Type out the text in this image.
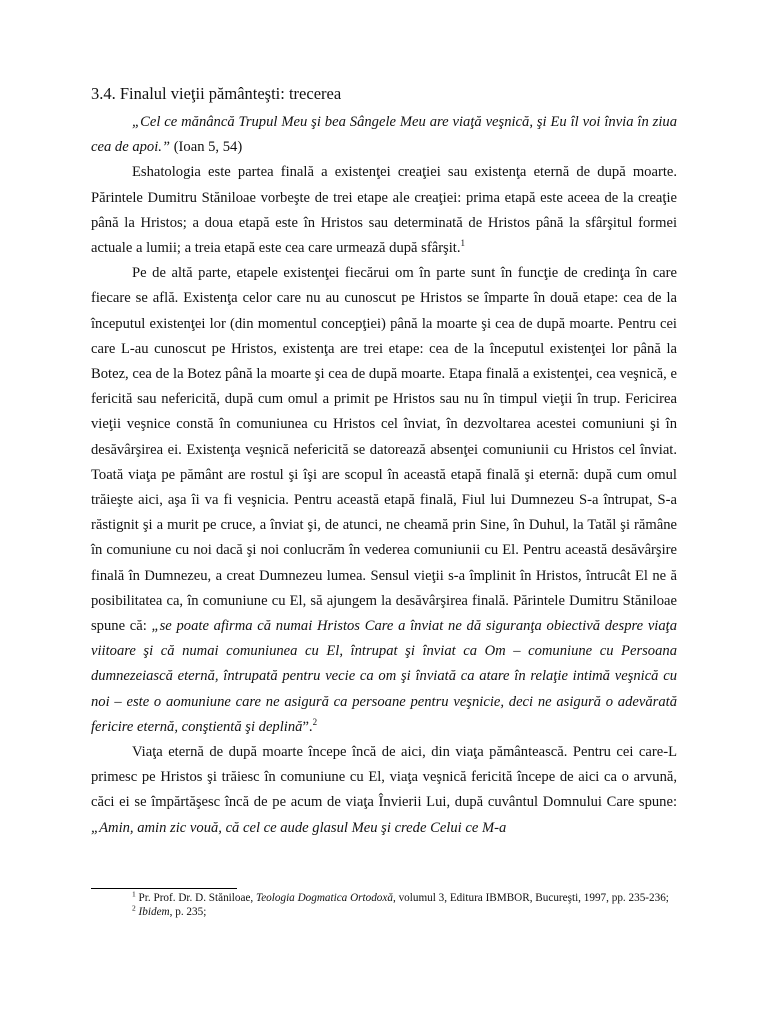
3.4. Finalul vieţii pământeşti: trecerea

„Cel ce mănâncă Trupul Meu şi bea Sângele Meu are viaţă veşnică, şi Eu îl voi învia în ziua cea de apoi.” (Ioan 5, 54)

Eshatologia este partea finală a existenţei creaţiei sau existenţa eternă de după moarte. Părintele Dumitru Stăniloae vorbeşte de trei etape ale creaţiei: prima etapă este aceea de la creaţie până la Hristos; a doua etapă este în Hristos sau determinată de Hristos până la sfârşitul formei actuale a lumii; a treia etapă este cea care urmează după sfârşit.$^1$

Pe de altă parte, etapele existenţei fiecărui om în parte sunt în funcţie de credinţa în care fiecare se află. Existenţa celor care nu au cunoscut pe Hristos se împarte în două etape: cea de la începutul existenţei lor (din momentul concepţiei) până la moarte şi cea de după moarte. Pentru cei care L-au cunoscut pe Hristos, existenţa are trei etape: cea de la începutul existenţei lor până la Botez, cea de la Botez până la moarte şi cea de după moarte. Etapa finală a existenţei, cea veşnică, e fericită sau nefericită, după cum omul a primit pe Hristos sau nu în timpul vieţii în trup. Fericirea vieţii veşnice constă în comuniunea cu Hristos cel înviat, în dezvoltarea acestei comuniuni şi în desăvârşirea ei. Existenţa veşnică nefericită se datorează absenţei comuniunii cu Hristos cel înviat. Toată viaţa pe pământ are rostul şi îşi are scopul în această etapă finală şi eternă: după cum omul trăieşte aici, aşa îi va fi veşnicia. Pentru această etapă finală, Fiul lui Dumnezeu S-a întrupat, S-a răstignit şi a murit pe cruce, a înviat şi, de atunci, ne cheamă prin Sine, în Duhul, la Tatăl şi rămâne în comuniune cu noi dacă şi noi conlucrăm în vederea comuniunii cu El. Pentru această desăvârşire finală în Dumnezeu, a creat Dumnezeu lumea. Sensul vieţii s-a împlinit în Hristos, întrucât El ne ă posibilitatea ca, în comuniune cu El, să ajungem la desăvârşirea finală. Părintele Dumitru Stăniloae spune că: „se poate afirma că numai Hristos Care a înviat ne dă siguranţa obiectivă despre viaţa viitoare şi că numai comuniunea cu El, întrupat şi înviat ca Om – comuniune cu Persoana dumnezeiască eternă, întrupată pentru vecie ca om şi înviată ca atare în relaţie intimă veşnică cu noi – este o aomuniune care ne asigură ca persoane pentru veşnicie, deci ne asigură o adevărată fericire eternă, conştientă şi deplină”.$^2$

Viaţa eternă de după moarte începe încă de aici, din viaţa pământească. Pentru cei care-L primesc pe Hristos şi trăiesc în comuniune cu El, viaţa veşnică fericită începe de aici ca o arvună, căci ei se împărtăşesc încă de pe acum de viaţa Învierii Lui, după cuvântul Domnului Care spune: „Amin, amin zic vouă, că cel ce aude glasul Meu şi crede Celui ce M-a

$^1$ Pr. Prof. Dr. D. Stăniloae, Teologia Dogmatica Ortodoxă, volumul 3, Editura IBMBOR, Bucureşti, 1997, pp. 235-236;

$^2$ Ibidem, p. 235;
